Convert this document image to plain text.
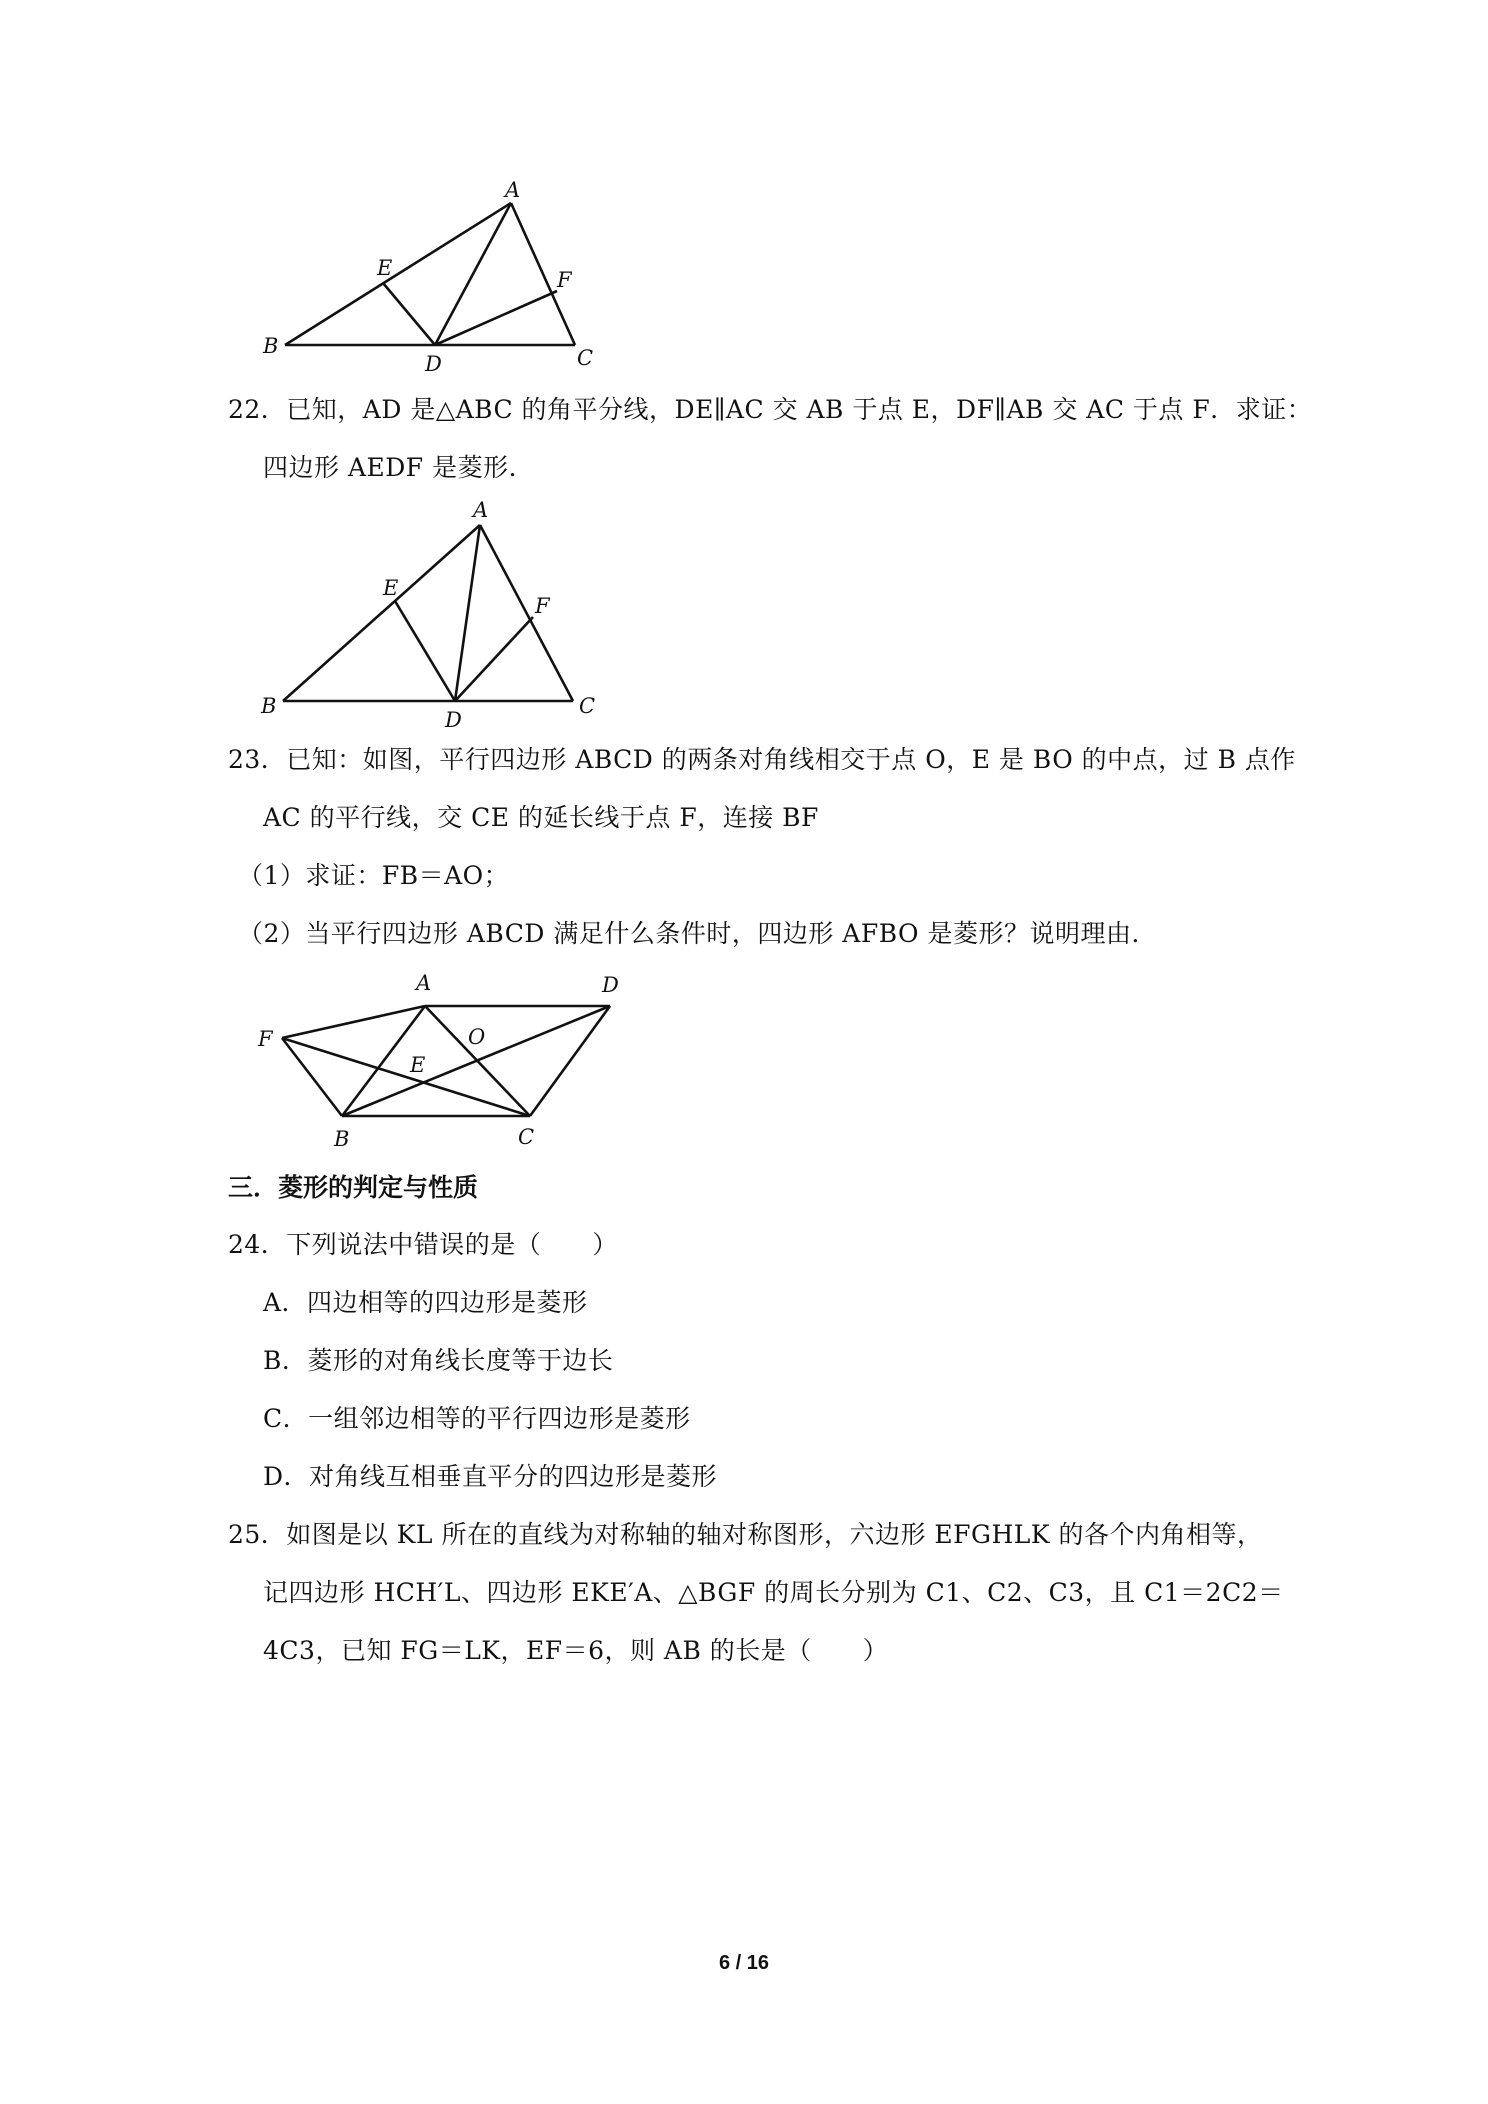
A
B	C
D
E	F
22．已知，AD 是△ABC 的角平分线，DE∥AC 交 AB 于点 E，DF∥AB 交 AC 于点 F．求证：
四边形 AEDF 是菱形．
A
B	C
D
E
F
23．已知：如图，平行四边形 ABCD 的两条对角线相交于点 O，E 是 BO 的中点，过 B 点作
AC 的平行线，交 CE 的延长线于点 F，连接 BF
（1）求证：FB＝AO；
（2）当平行四边形 ABCD 满足什么条件时，四边形 AFBO 是菱形？说明理由．
A
B	C
D
E
F	O
三．菱形的判定与性质
24．下列说法中错误的是（　　）
A．四边相等的四边形是菱形
B．菱形的对角线长度等于边长
C．一组邻边相等的平行四边形是菱形
D．对角线互相垂直平分的四边形是菱形
25．如图是以 KL 所在的直线为对称轴的轴对称图形，六边形 EFGHLK 的各个内角相等，
记四边形 HCH′L、四边形 EKE′A、△BGF 的周长分别为 C1、C2、C3，且 C1＝2C2＝
4C3，已知 FG＝LK，EF＝6，则 AB 的长是（　　）
6 / 16
